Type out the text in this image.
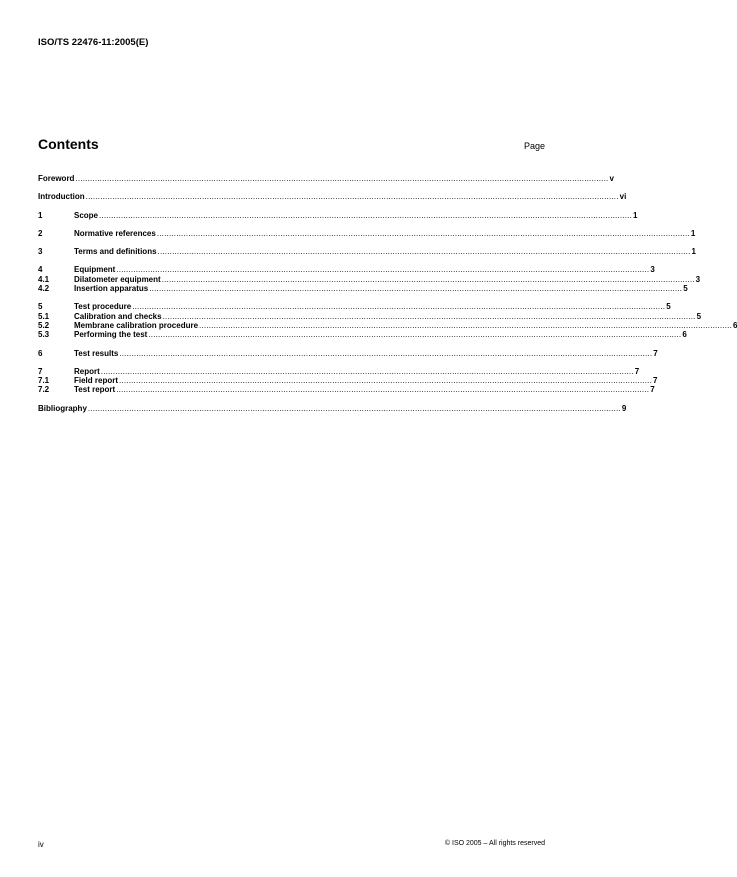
ISO/TS 22476-11:2005(E)
Contents	Page
Foreword ............................................................................................................................................................................................................................ v
Introduction ............................................................................................................................................................................................................................ vi
1	Scope ............................................................................................................................................................................................................................ 1
2	Normative references ............................................................................................................................................................................................................................ 1
3	Terms and definitions ............................................................................................................................................................................................................................ 1
4	Equipment ............................................................................................................................................................................................................................ 3
4.1	Dilatometer equipment ............................................................................................................................................................................................................................ 3
4.2	Insertion apparatus ............................................................................................................................................................................................................................ 5
5	Test procedure ............................................................................................................................................................................................................................ 5
5.1	Calibration and checks ............................................................................................................................................................................................................................ 5
5.2	Membrane calibration procedure ............................................................................................................................................................................................................................ 6
5.3	Performing the test ............................................................................................................................................................................................................................ 6
6	Test results ............................................................................................................................................................................................................................ 7
7	Report ............................................................................................................................................................................................................................ 7
7.1	Field report ............................................................................................................................................................................................................................ 7
7.2	Test report ............................................................................................................................................................................................................................ 7
Bibliography ............................................................................................................................................................................................................................ 9
iv	© ISO 2005 – All rights reserved
